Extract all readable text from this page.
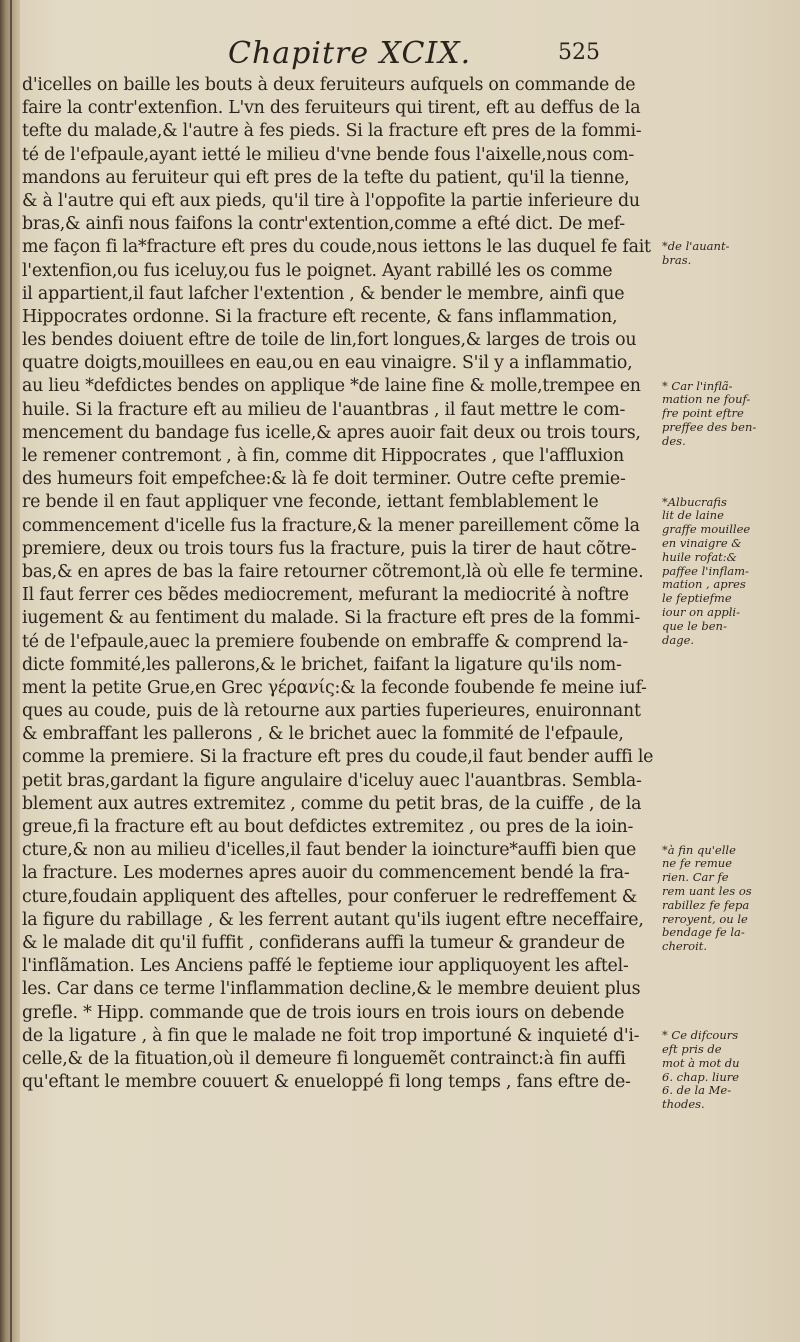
Chapitre XCIX.	525
d'icelles on baille les bouts à deux feruiteurs aufquels on commande de
faire la contr'extenfion. L'vn des feruiteurs qui tirent, eft au deffus de la
tefte du malade,& l'autre à fes pieds. Si la fracture eft pres de la fommi-
té de l'efpaule,ayant ietté le milieu d'vne bende fous l'aixelle,nous com-
mandons au feruiteur qui eft pres de la tefte du patient, qu'il la tienne,
& à l'autre qui eft aux pieds, qu'il tire à l'oppofite la partie inferieure du
bras,& ainfi nous faifons la contr'extention,comme a efté dict. De mef-
me façon fi la*fracture eft pres du coude,nous iettons le las duquel fe fait
l'extenfion,ou fus iceluy,ou fus le poignet. Ayant rabillé les os comme
il appartient,il faut lafcher l'extention , & bender le membre, ainfi que
Hippocrates ordonne. Si la fracture eft recente, & fans inflammation,
les bendes doiuent eftre de toile de lin,fort longues,& larges de trois ou
quatre doigts,mouillees en eau,ou en eau vinaigre. S'il y a inflammatio,
au lieu *defdictes bendes on applique *de laine fine & molle,trempee en
huile. Si la fracture eft au milieu de l'auantbras , il faut mettre le com-
mencement du bandage fus icelle,& apres auoir fait deux ou trois tours,
le remener contremont , à fin, comme dit Hippocrates , que l'affluxion
des humeurs foit empefchee:& là fe doit terminer. Outre cefte premie-
re bende il en faut appliquer vne feconde, iettant femblablement le
commencement d'icelle fus la fracture,& la mener pareillement cõme la
premiere, deux ou trois tours fus la fracture, puis la tirer de haut cõtre-
bas,& en apres de bas la faire retourner cõtremont,là où elle fe termine.
Il faut ferrer ces bẽdes mediocrement, mefurant la mediocrité à noftre
iugement & au fentiment du malade. Si la fracture eft pres de la fommi-
té de l'efpaule,auec la premiere foubende on embraffe & comprend la-
dicte fommité,les pallerons,& le brichet, faifant la ligature qu'ils nom-
ment la petite Grue,en Grec γέρανίς:& la feconde foubende fe meine iuf-
ques au coude, puis de là retourne aux parties fuperieures, enuironnant
& embraffant les pallerons , & le brichet auec la fommité de l'efpaule,
comme la premiere. Si la fracture eft pres du coude,il faut bender auffi le
petit bras,gardant la figure angulaire d'iceluy auec l'auantbras. Sembla-
blement aux autres extremitez , comme du petit bras, de la cuiffe , de la
greue,fi la fracture eft au bout defdictes extremitez , ou pres de la ioin-
cture,& non au milieu d'icelles,il faut bender la ioincture*auffi bien que
la fracture. Les modernes apres auoir du commencement bendé la fra-
cture,foudain appliquent des aftelles, pour conferuer le redreffement &
la figure du rabillage , & les ferrent autant qu'ils iugent eftre neceffaire,
& le malade dit qu'il fuffit , confiderans auffi la tumeur & grandeur de
l'inflãmation. Les Anciens paffé le feptieme iour appliquoyent les aftel-
les. Car dans ce terme l'inflammation decline,& le membre deuient plus
grefle. * Hipp. commande que de trois iours en trois iours on debende
de la ligature , à fin que le malade ne foit trop importuné & inquieté d'i-
celle,& de la fituation,où il demeure fi longuemẽt contrainct:à fin auffi
qu'eftant le membre couuert & enueloppé fi long temps , fans eftre de-
*de l'auant-
bras.
* Car l'inflã-
mation ne fouf-
fre point eftre
preffee des ben-
des.
*Albucrafis
lit de laine
graffe mouillee
en vinaigre &
huile rofat:&
paffee l'inflam-
mation , apres
le feptiefme
iour on appli-
que le ben-
dage.
*à fin qu'elle
ne fe remue
rien. Car fe
rem uant les os
rabillez fe fepa
reroyent, ou le
bendage fe la-
cheroit.
* Ce difcours
eft pris de
mot à mot du
6. chap. liure
6. de la Me-
thodes.
